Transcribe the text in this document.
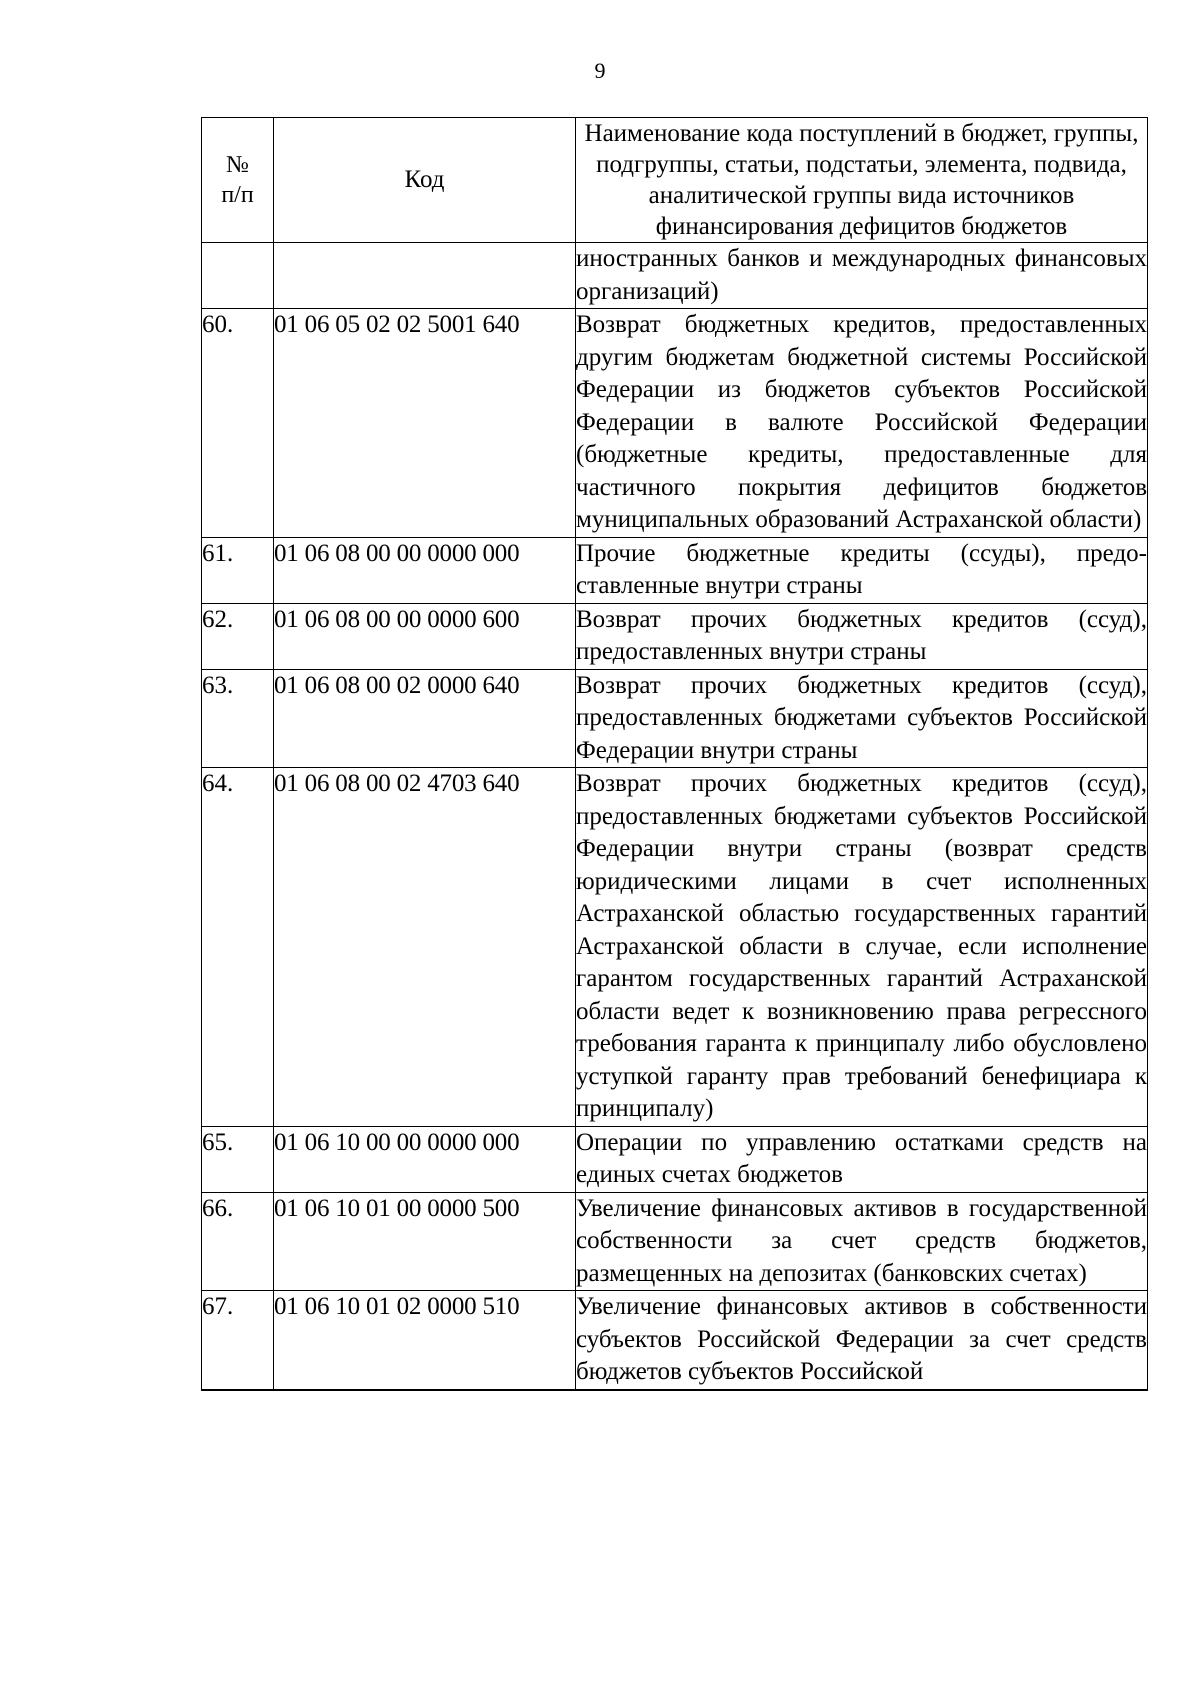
9
№
п/п	Код	Наименование кода поступлений в бюджет, группы, подгруппы, статьи, подстатьи, элемента, подвида, аналитической группы вида источников финансирования дефицитов бюджетов
		иностранных банков и международных финансовых организаций)
60.	01 06 05 02 02 5001 640	Возврат бюджетных кредитов, предоставленных другим бюджетам бюджетной системы Российской Федерации из бюджетов субъектов Российской Федерации в валюте Российской Федерации (бюджетные кредиты, предоставленные для частичного покрытия дефицитов бюджетов муниципальных образований Астраханской области)
61.	01 06 08 00 00 0000 000	Прочие бюджетные кредиты (ссуды), предоставленные внутри страны
62.	01 06 08 00 00 0000 600	Возврат прочих бюджетных кредитов (ссуд), предоставленных внутри страны
63.	01 06 08 00 02 0000 640	Возврат прочих бюджетных кредитов (ссуд), предоставленных бюджетами субъектов Российской Федерации внутри страны
64.	01 06 08 00 02 4703 640	Возврат прочих бюджетных кредитов (ссуд), предоставленных бюджетами субъектов Российской Федерации внутри страны (возврат средств юридическими лицами в счет исполненных Астраханской областью государственных гарантий Астраханской области в случае, если исполнение гарантом государственных гарантий Астраханской области ведет к возникновению права регрессного требования гаранта к принципалу либо обусловлено уступкой гаранту прав требований бенефициара к принципалу)
65.	01 06 10 00 00 0000 000	Операции по управлению остатками средств на единых счетах бюджетов
66.	01 06 10 01 00 0000 500	Увеличение финансовых активов в государственной собственности за счет средств бюджетов, размещенных на депозитах (банковских счетах)
67.	01 06 10 01 02 0000 510	Увеличение финансовых активов в собственности субъектов Российской Федерации за счет средств бюджетов субъектов Российской
